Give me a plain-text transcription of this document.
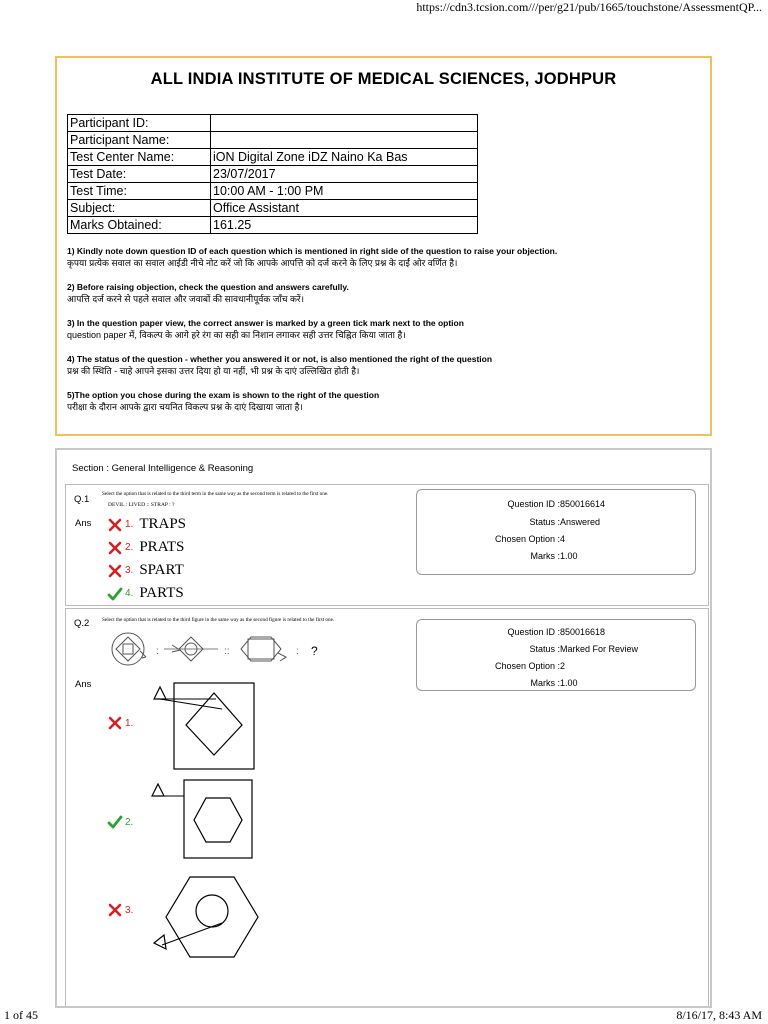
https://cdn3.tcsion.com///per/g21/pub/1665/touchstone/AssessmentQP...
ALL INDIA INSTITUTE OF MEDICAL SCIENCES, JODHPUR
Participant ID:	
Participant Name:	
Test Center Name:	iON Digital Zone iDZ Naino Ka Bas
Test Date:	23/07/2017
Test Time:	10:00 AM - 1:00 PM
Subject:	Office Assistant
Marks Obtained:	161.25
1) Kindly note down question ID of each question which is mentioned in right side of the question to raise your objection.
कृपया प्रत्येक सवाल का सवाल आईडी नीचे नोट करें जो कि आपके आपत्ति को दर्ज करने के लिए प्रश्न के दाईं ओर वर्णित है।
2) Before raising objection, check the question and answers carefully.
आपत्ति दर्ज करने से पहले सवाल और जवाबों की सावधानीपूर्वक जाँच करें।
3) In the question paper view, the correct answer is marked by a green tick mark next to the option
question paper में, विकल्प के आगे हरे रंग का सही का निशान लगाकर सही उत्तर चिह्नित किया जाता है।
4) The status of the question - whether you answered it or not, is also mentioned the right of the question
प्रश्न की स्थिति - चाहे आपने इसका उत्तर दिया हो या नहीं, भी प्रश्न के दाएं उल्लिखित होती है।
5)The option you chose during the exam is shown to the right of the question
परीक्षा के दौरान आपके द्वारा चयनित विकल्प प्रश्न के दाएं दिखाया जाता है।
Section : General Intelligence & Reasoning
Q.1 Select the option that is related to the third term in the same way as the second term is related to the first one.
DEVIL : LIVED :: STRAP : ?
Ans	1. TRAPS
2. PRATS
3. SPART
4. PARTS
Question ID : 850016614
Status : Answered
Chosen Option : 4
Marks : 1.00
Q.2 Select the option that is related to the third figure in the same way as the second figure is related to the first one.
:	::	: ?
Ans
1.
2.
3.
Question ID : 850016618
Status : Marked For Review
Chosen Option : 2
Marks : 1.00
1 of 45	8/16/17, 8:43 AM
